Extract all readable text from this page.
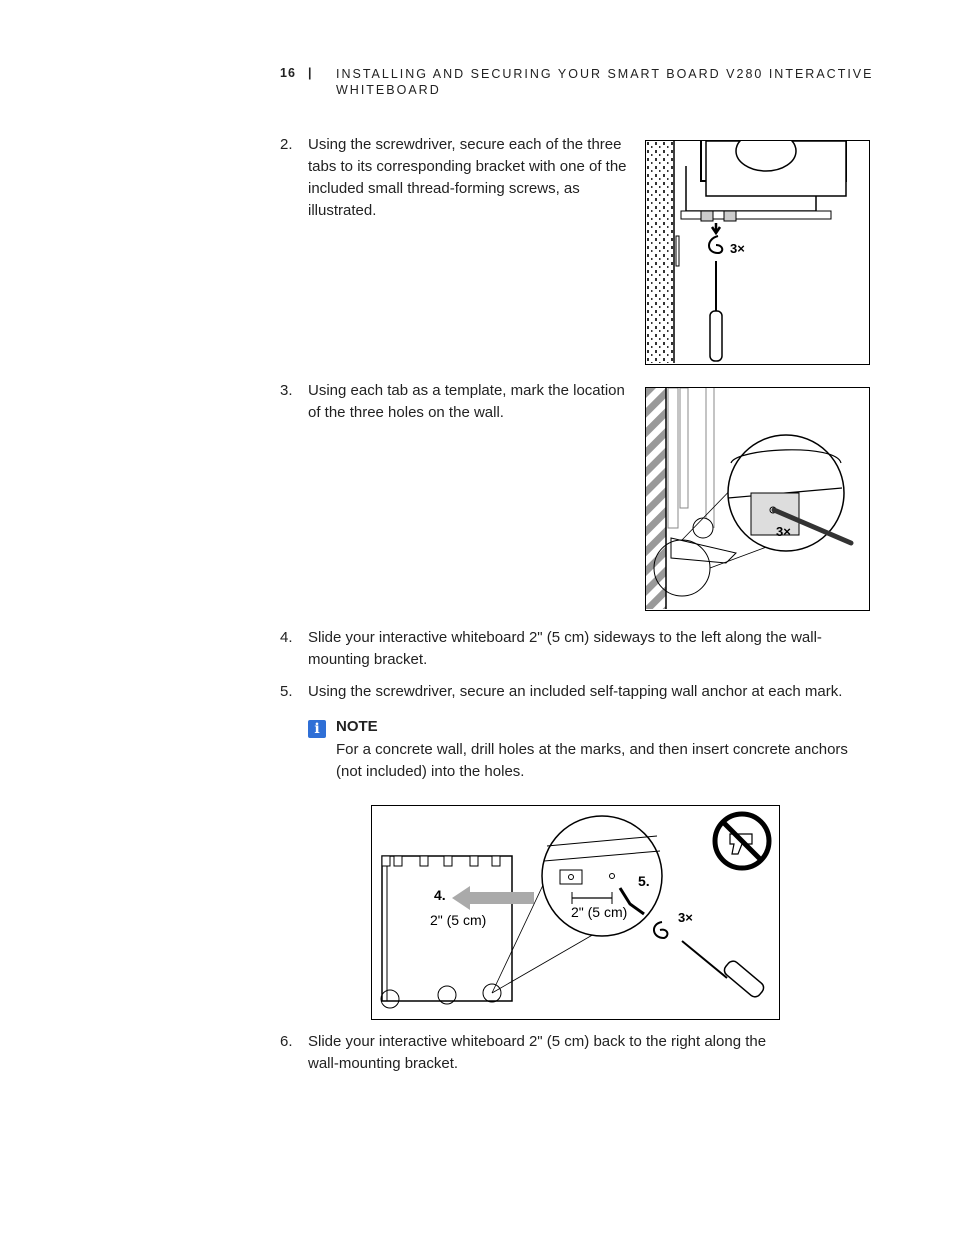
16 | INSTALLING AND SECURING YOUR SMART BOARD V280 INTERACTIVE WHITEBOARD
2. Using the screwdriver, secure each of the three tabs to its corresponding bracket with one of the included small thread-forming screws, as illustrated.
3×
3. Using each tab as a template, mark the location of the three holes on the wall.
3×
4. Slide your interactive whiteboard 2" (5 cm) sideways to the left along the wall-mounting bracket.
5. Using the screwdriver, secure an included self-tapping wall anchor at each mark.
i	NOTE
For a concrete wall, drill holes at the marks, and then insert concrete anchors (not included) into the holes.
4.
2" (5 cm)	2" (5 cm)
5.
3×
6. Slide your interactive whiteboard 2" (5 cm) back to the right along the wall-mounting bracket.
